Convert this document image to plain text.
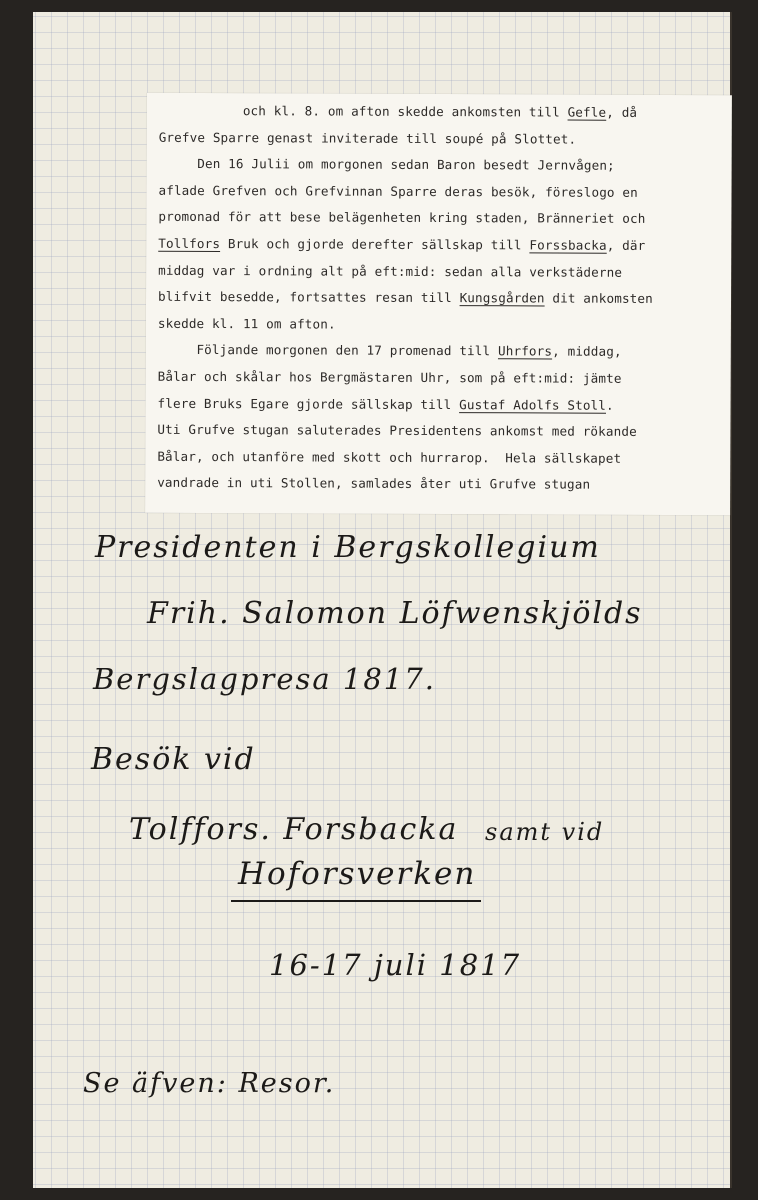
och kl. 8. om afton skedde ankomsten till Gefle, då
Grefve Sparre genast inviterade till soupé på Slottet.
Den 16 Julii om morgonen sedan Baron besedt Jernvågen;
aflade Grefven och Grefvinnan Sparre deras besök, föreslogo en
promonad för att bese belägenheten kring staden, Bränneriet och
Tollfors Bruk och gjorde derefter sällskap till Forssbacka, där
middag var i ordning alt på eft:mid: sedan alla verkstäderne
blifvit besedde, fortsattes resan till Kungsgården dit ankomsten
skedde kl. 11 om afton.
Följande morgonen den 17 promenad till Uhrfors, middag,
Bålar och skålar hos Bergmästaren Uhr, som på eft:mid: jämte
flere Bruks Egare gjorde sällskap till Gustaf Adolfs Stoll.
Uti Grufve stugan saluterades Presidentens ankomst med rökande
Bålar, och utanföre med skott och hurrarop.  Hela sällskapet
vandrade in uti Stollen, samlades åter uti Grufve stugan
Presidenten i Bergskollegium
Frih. Salomon Löfwenskjölds
Bergslagpresa 1817.
Besök vid
Tolffors. Forsbacka samt vid
Hoforsverken
16-17 juli 1817
Se äfven: Resor.
